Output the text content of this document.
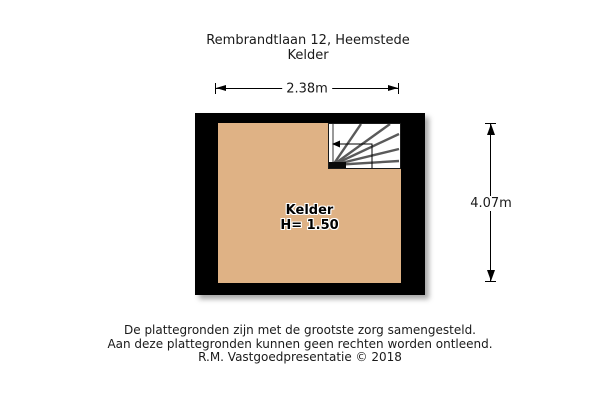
Rembrandtlaan 12, Heemstede
Kelder
2.38m
Kelder
H= 1.50
4.07m
De plattegronden zijn met de grootste zorg samengesteld.
Aan deze plattegronden kunnen geen rechten worden ontleend.
R.M. Vastgoedpresentatie © 2018
